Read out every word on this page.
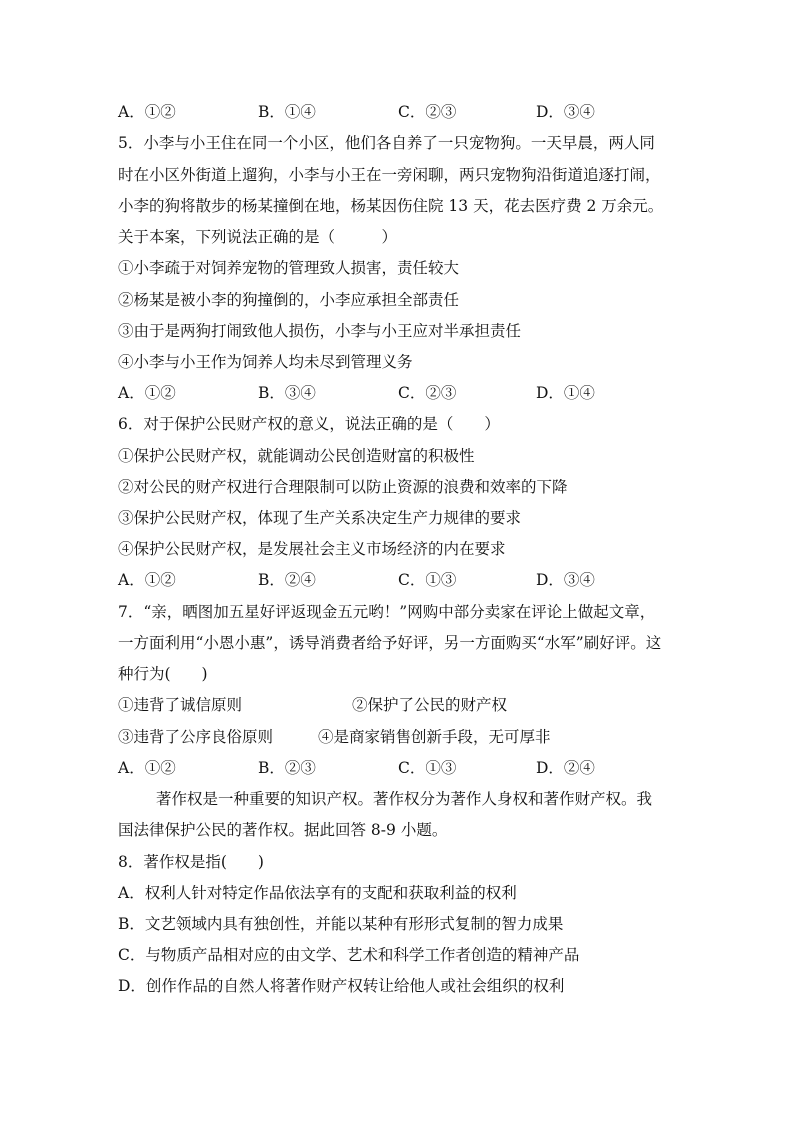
A．①②	B．①④	C．②③	D．③④
5．小李与小王住在同一个小区，他们各自养了一只宠物狗。一天早晨，两人同
时在小区外街道上遛狗，小李与小王在一旁闲聊，两只宠物狗沿街道追逐打闹，
小李的狗将散步的杨某撞倒在地，杨某因伤住院 13 天，花去医疗费 2 万余元。
关于本案，下列说法正确的是（　　　）
①小李疏于对饲养宠物的管理致人损害，责任较大
②杨某是被小李的狗撞倒的，小李应承担全部责任
③由于是两狗打闹致他人损伤，小李与小王应对半承担责任
④小李与小王作为饲养人均未尽到管理义务
A．①②	B．③④	C．②③	D．①④
6．对于保护公民财产权的意义，说法正确的是（　　）
①保护公民财产权，就能调动公民创造财富的积极性
②对公民的财产权进行合理限制可以防止资源的浪费和效率的下降
③保护公民财产权，体现了生产关系决定生产力规律的要求
④保护公民财产权，是发展社会主义市场经济的内在要求
A．①②	B．②④	C．①③	D．③④
7．“亲，晒图加五星好评返现金五元哟！”网购中部分卖家在评论上做起文章，
一方面利用“小恩小惠”，诱导消费者给予好评，另一方面购买“水军”刷好评。这
种行为(　　)
①违背了诚信原则	②保护了公民的财产权
③违背了公序良俗原则	④是商家销售创新手段，无可厚非
A．①②	B．②③	C．①③	D．②④
著作权是一种重要的知识产权。著作权分为著作人身权和著作财产权。我
国法律保护公民的著作权。据此回答 8-9 小题。
8．著作权是指(　　)
A．权利人针对特定作品依法享有的支配和获取利益的权利
B．文艺领域内具有独创性，并能以某种有形形式复制的智力成果
C．与物质产品相对应的由文学、艺术和科学工作者创造的精神产品
D．创作作品的自然人将著作财产权转让给他人或社会组织的权利
